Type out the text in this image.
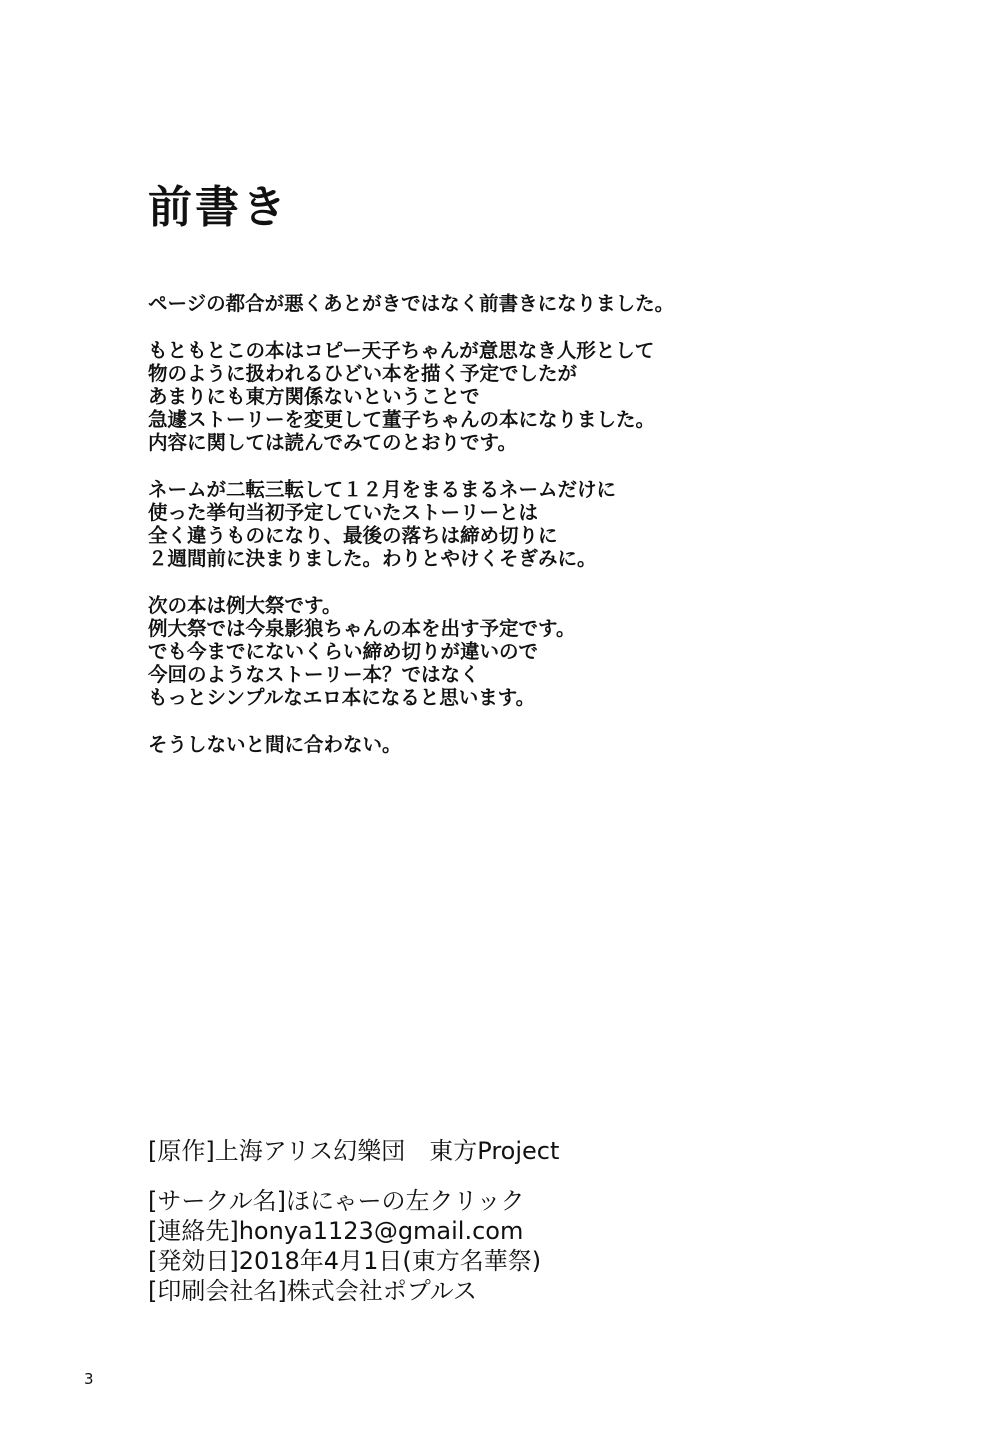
前書き

ページの都合が悪くあとがきではなく前書きになりました。

もともとこの本はコピー天子ちゃんが意思なき人形として
物のように扱われるひどい本を描く予定でしたが
あまりにも東方関係ないということで
急遽ストーリーを変更して董子ちゃんの本になりました。
内容に関しては読んでみてのとおりです。

ネームが二転三転して１２月をまるまるネームだけに
使った挙句当初予定していたストーリーとは
全く違うものになり、最後の落ちは締め切りに
２週間前に決まりました。わりとやけくそぎみに。

次の本は例大祭です。
例大祭では今泉影狼ちゃんの本を出す予定です。
でも今までにないくらい締め切りが違いので
今回のようなストーリー本？ではなく
もっとシンプルなエロ本になると思います。

そうしないと間に合わない。

[原作]上海アリス幻樂団　東方Project
[サークル名]ほにゃーの左クリック
[連絡先]honya1123@gmail.com
[発効日]2018年4月1日(東方名華祭)
[印刷会社名]株式会社ポプルス
3
